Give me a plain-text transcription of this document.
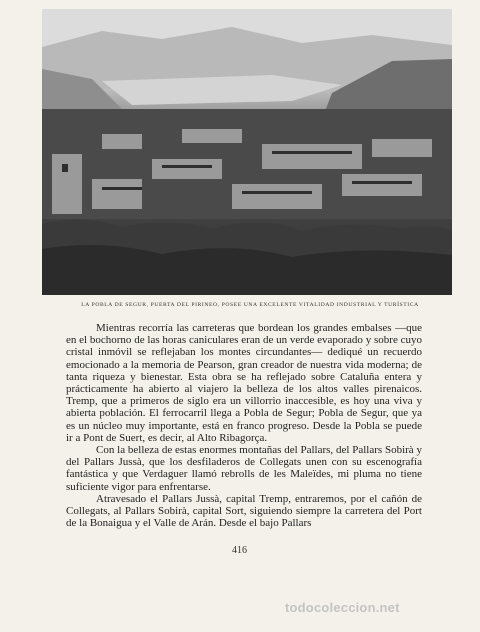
LA POBLA DE SEGUR, PUERTA DEL PIRINEO, POSEE UNA EXCELENTE VITALIDAD INDUSTRIAL Y TURÍSTICA

Mientras recorría las carreteras que bordean los grandes embalses —que en el bochorno de las horas caniculares eran de un verde evaporado y sobre cuyo cristal inmóvil se reflejaban los montes circundantes— dediqué un recuerdo emocionado a la memoria de Pearson, gran creador de nuestra vida moderna; de tanta riqueza y bienestar. Esta obra se ha reflejado sobre Cataluña entera y prácticamente ha abierto al viajero la belleza de los altos valles pirenaicos. Tremp, que a primeros de siglo era un villorrio inaccesible, es hoy una viva y abierta población. El ferrocarril llega a Pobla de Segur; Pobla de Segur, que ya es un núcleo muy importante, está en franco progreso. Desde la Pobla se puede ir a Pont de Suert, es decir, al Alto Ribagorça.

Con la belleza de estas enormes montañas del Pallars, del Pallars Sobirà y del Pallars Jussà, que los desfiladeros de Collegats unen con su escenografía fantástica y que Verdaguer llamó rebrolls de les Maleïdes, mi pluma no tiene suficiente vigor para enfrentarse.

Atravesado el Pallars Jussà, capital Tremp, entraremos, por el cañón de Collegats, al Pallars Sobirà, capital Sort, siguiendo siempre la carretera del Port de la Bonaigua y el Valle de Arán. Desde el bajo Pallars

416
todocoleccion.net
